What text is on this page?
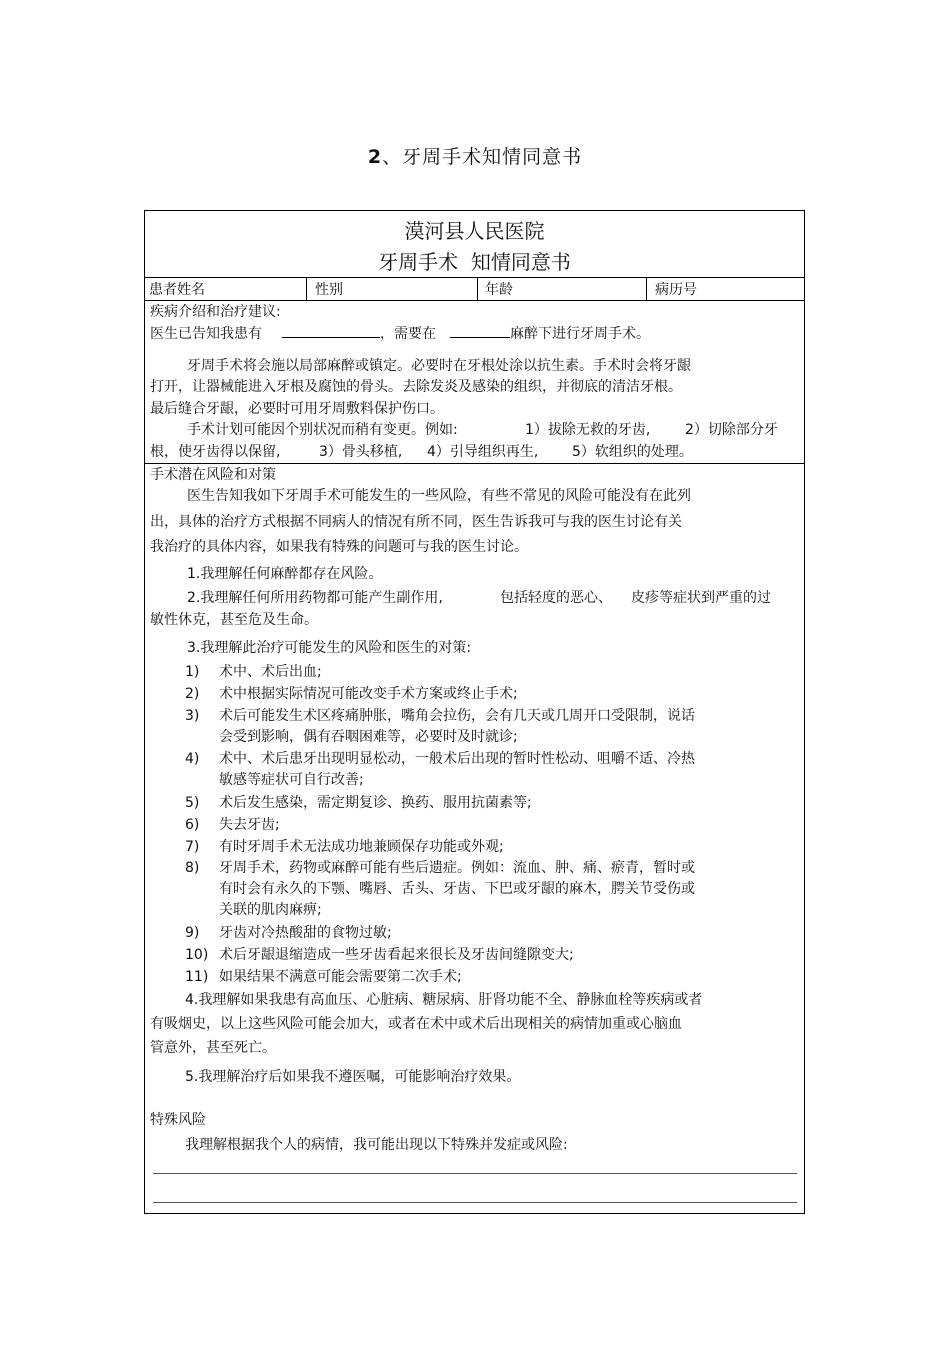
2、牙周手术知情同意书
漠河县人民医院
牙周手术  知情同意书
患者姓名	性别	年龄	病历号
疾病介绍和治疗建议:
医生已告知我患有	，需要在	麻醉下进行牙周手术。
牙周手术将会施以局部麻醉或镇定。必要时在牙根处涂以抗生素。手术时会将牙龈
打开，让器械能进入牙根及腐蚀的骨头。去除发炎及感染的组织，并彻底的清洁牙根。
最后缝合牙龈，必要时可用牙周敷料保护伤口。
手术计划可能因个别状况而稍有变更。例如:	1）拔除无救的牙齿, 2）切除部分牙
根，使牙齿得以保留,	3）骨头移植, 4）引导组织再生, 5）软组织的处理。
手术潜在风险和对策
医生告知我如下牙周手术可能发生的一些风险，有些不常见的风险可能没有在此列
出，具体的治疗方式根据不同病人的情况有所不同，医生告诉我可与我的医生讨论有关
我治疗的具体内容，如果我有特殊的问题可与我的医生讨论。
1.我理解任何麻醉都存在风险。
2.我理解任何所用药物都可能产生副作用,	包括轻度的恶心、 皮疹等症状到严重的过
敏性休克，甚至危及生命。
3.我理解此治疗可能发生的风险和医生的对策:
1) 术中、术后出血;
2) 术中根据实际情况可能改变手术方案或终止手术;
3) 术后可能发生术区疼痛肿胀，嘴角会拉伤，会有几天或几周开口受限制，说话
会受到影响，偶有吞咽困难等，必要时及时就诊;
4) 术中、术后患牙出现明显松动，一般术后出现的暂时性松动、咀嚼不适、冷热
敏感等症状可自行改善;
5) 术后发生感染，需定期复诊、换药、服用抗菌素等;
6) 失去牙齿;
7) 有时牙周手术无法成功地兼顾保存功能或外观;
8) 牙周手术，药物或麻醉可能有些后遗症。例如：流血、肿、痛、瘀青，暂时或
有时会有永久的下颚、嘴唇、舌头、牙齿、下巴或牙龈的麻木，腭关节受伤或
关联的肌肉麻痹;
9) 牙齿对冷热酸甜的食物过敏;
10) 术后牙龈退缩造成一些牙齿看起来很长及牙齿间缝隙变大;
11) 如果结果不满意可能会需要第二次手术;
4.我理解如果我患有高血压、心脏病、糖尿病、肝肾功能不全、静脉血栓等疾病或者
有吸烟史，以上这些风险可能会加大，或者在术中或术后出现相关的病情加重或心脑血
管意外，甚至死亡。
5.我理解治疗后如果我不遵医嘱，可能影响治疗效果。
特殊风险
我理解根据我个人的病情，我可能出现以下特殊并发症或风险:
